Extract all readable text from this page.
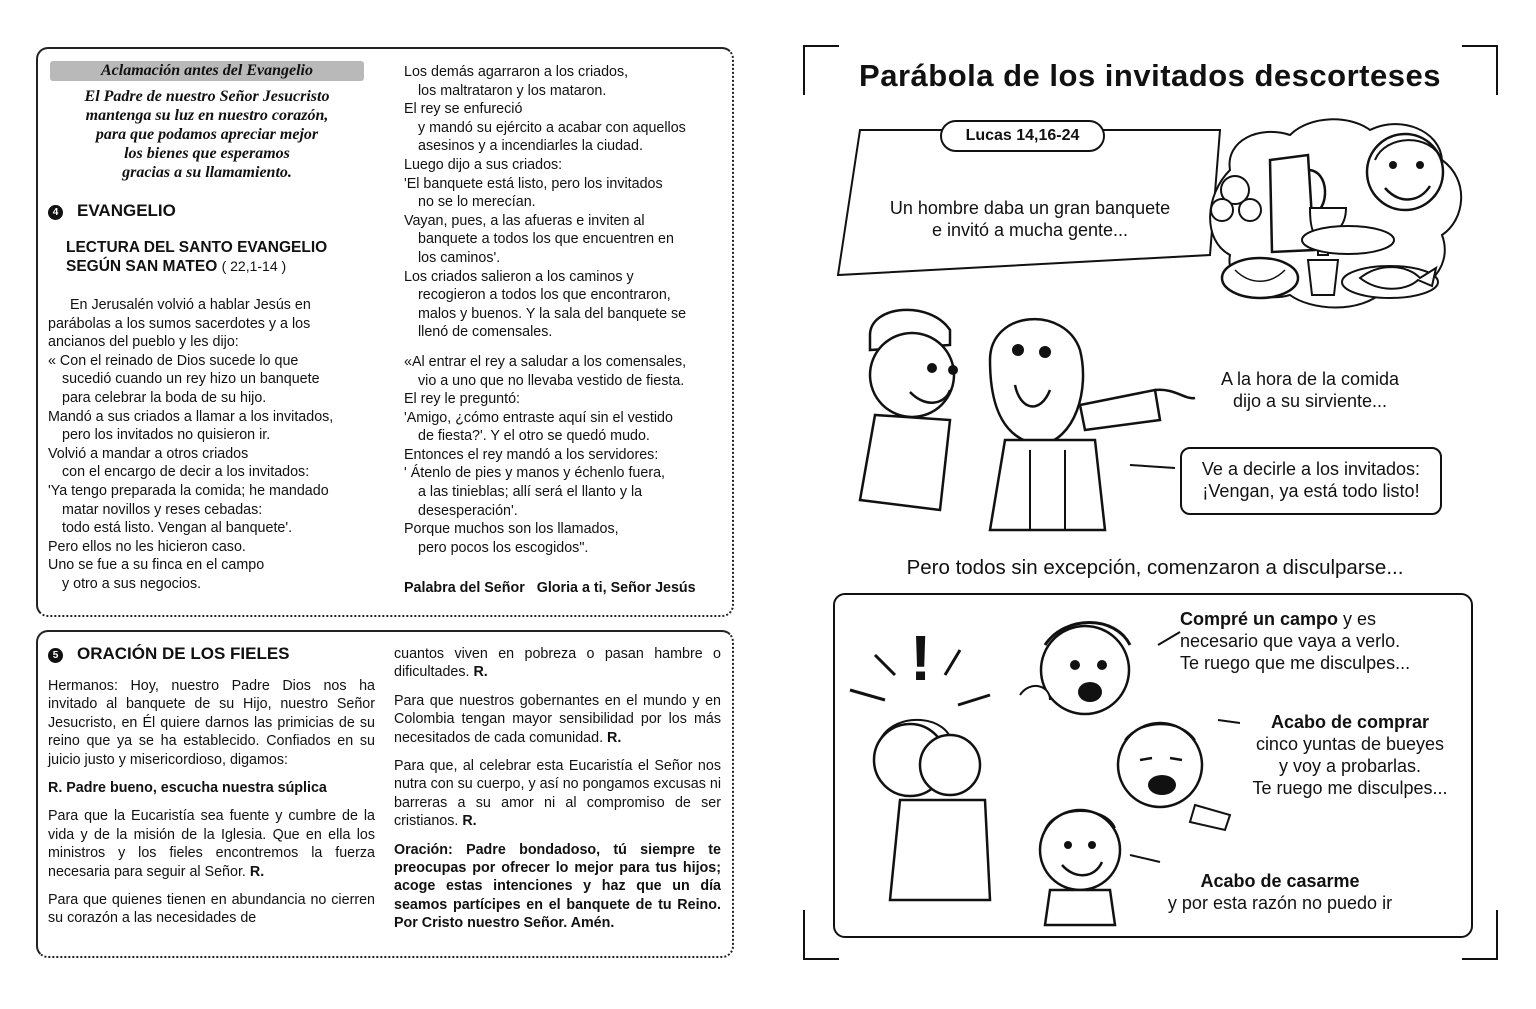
Aclamación antes del Evangelio
El Padre de nuestro Señor Jesucristo
mantenga su luz en nuestro corazón,
para que podamos apreciar mejor
los bienes que esperamos
gracias a su llamamiento.
4 EVANGELIO
LECTURA DEL SANTO EVANGELIO
SEGÚN SAN MATEO ( 22,1-14 )

En Jerusalén volvió a hablar Jesús en

parábolas a los sumos sacerdotes y a los

ancianos del pueblo y les dijo:

« Con el reinado de Dios sucede lo que

sucedió cuando un rey hizo un banquete

para celebrar la boda de su hijo.

Mandó a sus criados a llamar a los invitados,

pero los invitados no quisieron ir.

Volvió a mandar a otros criados

con el encargo de decir a los invitados:

'Ya tengo preparada la comida; he mandado

matar novillos y reses cebadas:

todo está listo. Vengan al banquete'.

Pero ellos no les hicieron caso.

Uno se fue a su finca en el campo

y otro a sus negocios.

Los demás agarraron a los criados,

los maltrataron y los mataron.

El rey se enfureció

y mandó su ejército a acabar con aquellos

asesinos y a incendiarles la ciudad.

Luego dijo a sus criados:

'El banquete está listo, pero los invitados

no se lo merecían.

Vayan, pues, a las afueras e inviten al

banquete a todos los que encuentren en

los caminos'.

Los criados salieron a los caminos y

recogieron a todos los que encontraron,

malos y buenos. Y la sala del banquete se

llenó de comensales.

«Al entrar el rey a saludar a los comensales,

vio a uno que no llevaba vestido de fiesta.

El rey le preguntó:

'Amigo, ¿cómo entraste aquí sin el vestido

de fiesta?'. Y el otro se quedó mudo.

Entonces el rey mandó a los servidores:

' Átenlo de pies y manos y échenlo fuera,

a las tinieblas; allí será el llanto y la

desesperación'.

Porque muchos son los llamados,

pero pocos los escogidos".

Palabra del Señor   Gloria a ti, Señor Jesús
5 ORACIÓN DE LOS FIELES

Hermanos: Hoy, nuestro Padre Dios nos ha invitado al banquete de su Hijo, nuestro Señor Jesucristo, en Él quiere darnos las primicias de su reino que ya se ha establecido. Confiados en su juicio justo y misericordioso, digamos:

R. Padre bueno, escucha nuestra súplica

Para que la Eucaristía sea fuente y cumbre de la vida y de la misión de la Iglesia. Que en ella los ministros y los fieles encontremos la fuerza necesaria para seguir al Señor. R.

Para que quienes tienen en abundancia no cierren su corazón a las necesidades de

cuantos viven en pobreza o pasan hambre o dificultades. R.

Para que nuestros gobernantes en el mundo y en Colombia tengan mayor sensibilidad por los más necesitados de cada comunidad. R.

Para que, al celebrar esta Eucaristía el Señor nos nutra con su cuerpo, y así no pongamos excusas ni barreras a su amor ni al compromiso de ser cristianos. R.

Oración: Padre bondadoso, tú siempre te preocupas por ofrecer lo mejor para tus hijos; acoge estas intenciones y haz que un día seamos partícipes en el banquete de tu Reino. Por Cristo nuestro Señor. Amén.

Parábola de los invitados descorteses
Lucas 14,16-24
Un hombre daba un gran banquete
e invitó a mucha gente...
A la hora de la comida
dijo a su sirviente...
Ve a decirle a los invitados:
¡Vengan, ya está todo listo!
Pero todos sin excepción, comenzaron a disculparse...
!
Compré un campo y es
necesario que vaya a verlo.
Te ruego que me disculpes...
Acabo de comprar
cinco yuntas de bueyes
y voy a probarlas.
Te ruego me disculpes...
Acabo de casarme
y por esta razón no puedo ir
